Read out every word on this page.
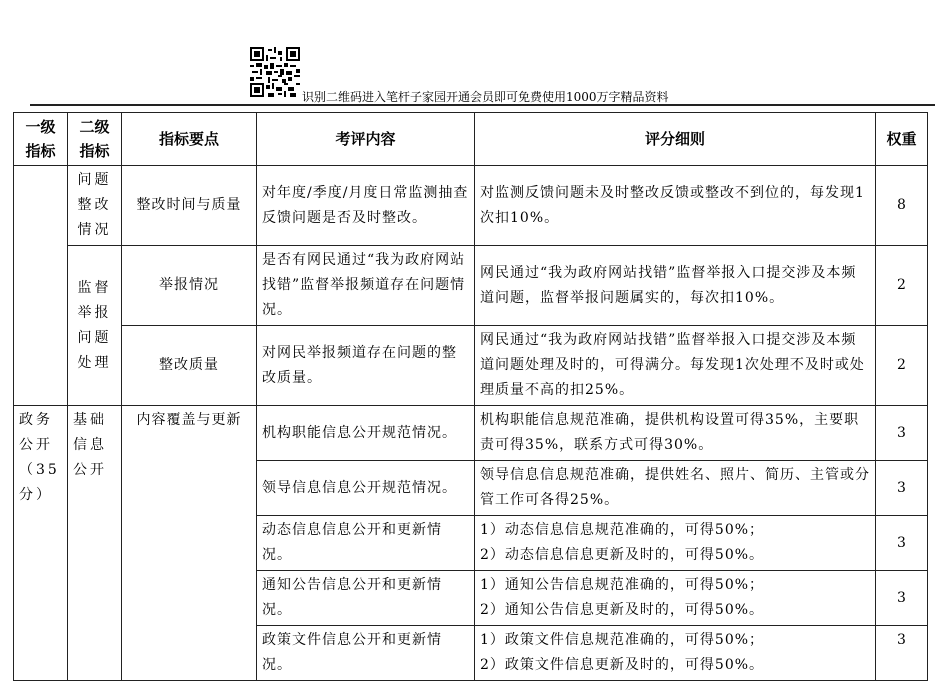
识别二维码进入笔杆子家园开通会员即可免费使用1000万字精品资料
一级指标	二级指标	指标要点	考评内容	评分细则	权重
	问题整改情况	整改时间与质量	对年度/季度/月度日常监测抽查反馈问题是否及时整改。	对监测反馈问题未及时整改反馈或整改不到位的，每发现1次扣10%。	8
	监督举报问题处理	举报情况	是否有网民通过“我为政府网站找错”监督举报频道存在问题情况。	网民通过“我为政府网站找错”监督举报入口提交涉及本频道问题，监督举报问题属实的，每次扣10%。	2
		整改质量	对网民举报频道存在问题的整改质量。	网民通过“我为政府网站找错”监督举报入口提交涉及本频道问题处理及时的，可得满分。每发现1次处理不及时或处理质量不高的扣25%。	2
政务公开（35分）	基础信息公开	内容覆盖与更新	机构职能信息公开规范情况。	机构职能信息规范准确，提供机构设置可得35%，主要职责可得35%，联系方式可得30%。	3
			领导信息信息公开规范情况。	领导信息信息规范准确，提供姓名、照片、简历、主管或分管工作可各得25%。	3
			动态信息信息公开和更新情况。	1）动态信息信息规范准确的，可得50%；
2）动态信息信息更新及时的，可得50%。	3
			通知公告信息公开和更新情况。	1）通知公告信息规范准确的，可得50%；
2）通知公告信息更新及时的，可得50%。	3
			政策文件信息公开和更新情况。	1）政策文件信息规范准确的，可得50%；
2）政策文件信息更新及时的，可得50%。	3
